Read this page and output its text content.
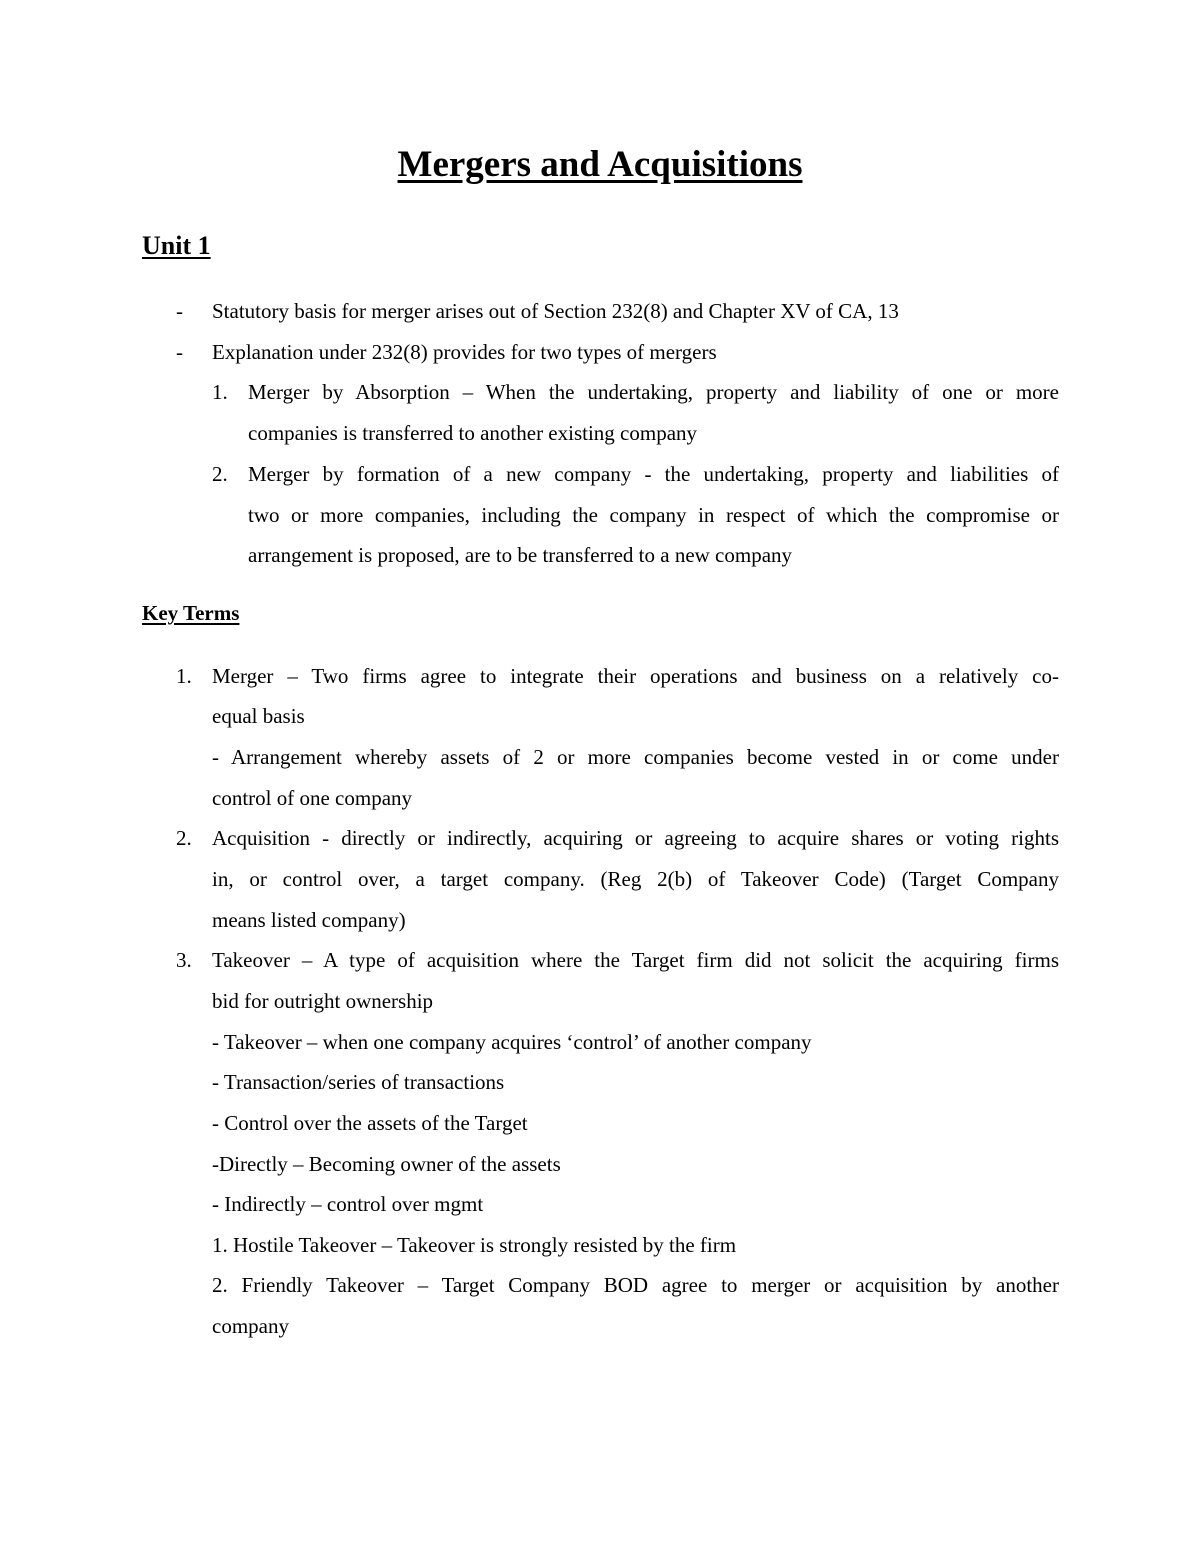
Mergers and Acquisitions
Unit 1
- Statutory basis for merger arises out of Section 232(8) and Chapter XV of CA, 13
- Explanation under 232(8) provides for two types of mergers
1. Merger by Absorption – When the undertaking, property and liability of one or more
companies is transferred to another existing company
2. Merger by formation of a new company - the undertaking, property and liabilities of
two or more companies, including the company in respect of which the compromise or
arrangement is proposed, are to be transferred to a new company
Key Terms
1. Merger – Two firms agree to integrate their operations and business on a relatively co-
equal basis
- Arrangement whereby assets of 2 or more companies become vested in or come under
control of one company
2. Acquisition - directly or indirectly, acquiring or agreeing to acquire shares or voting rights
in, or control over, a target company. (Reg 2(b) of Takeover Code) (Target Company
means listed company)
3. Takeover – A type of acquisition where the Target firm did not solicit the acquiring firms
bid for outright ownership
- Takeover – when one company acquires ‘control’ of another company
- Transaction/series of transactions
- Control over the assets of the Target
-Directly – Becoming owner of the assets
- Indirectly – control over mgmt
1. Hostile Takeover – Takeover is strongly resisted by the firm
2. Friendly Takeover – Target Company BOD agree to merger or acquisition by another
company
